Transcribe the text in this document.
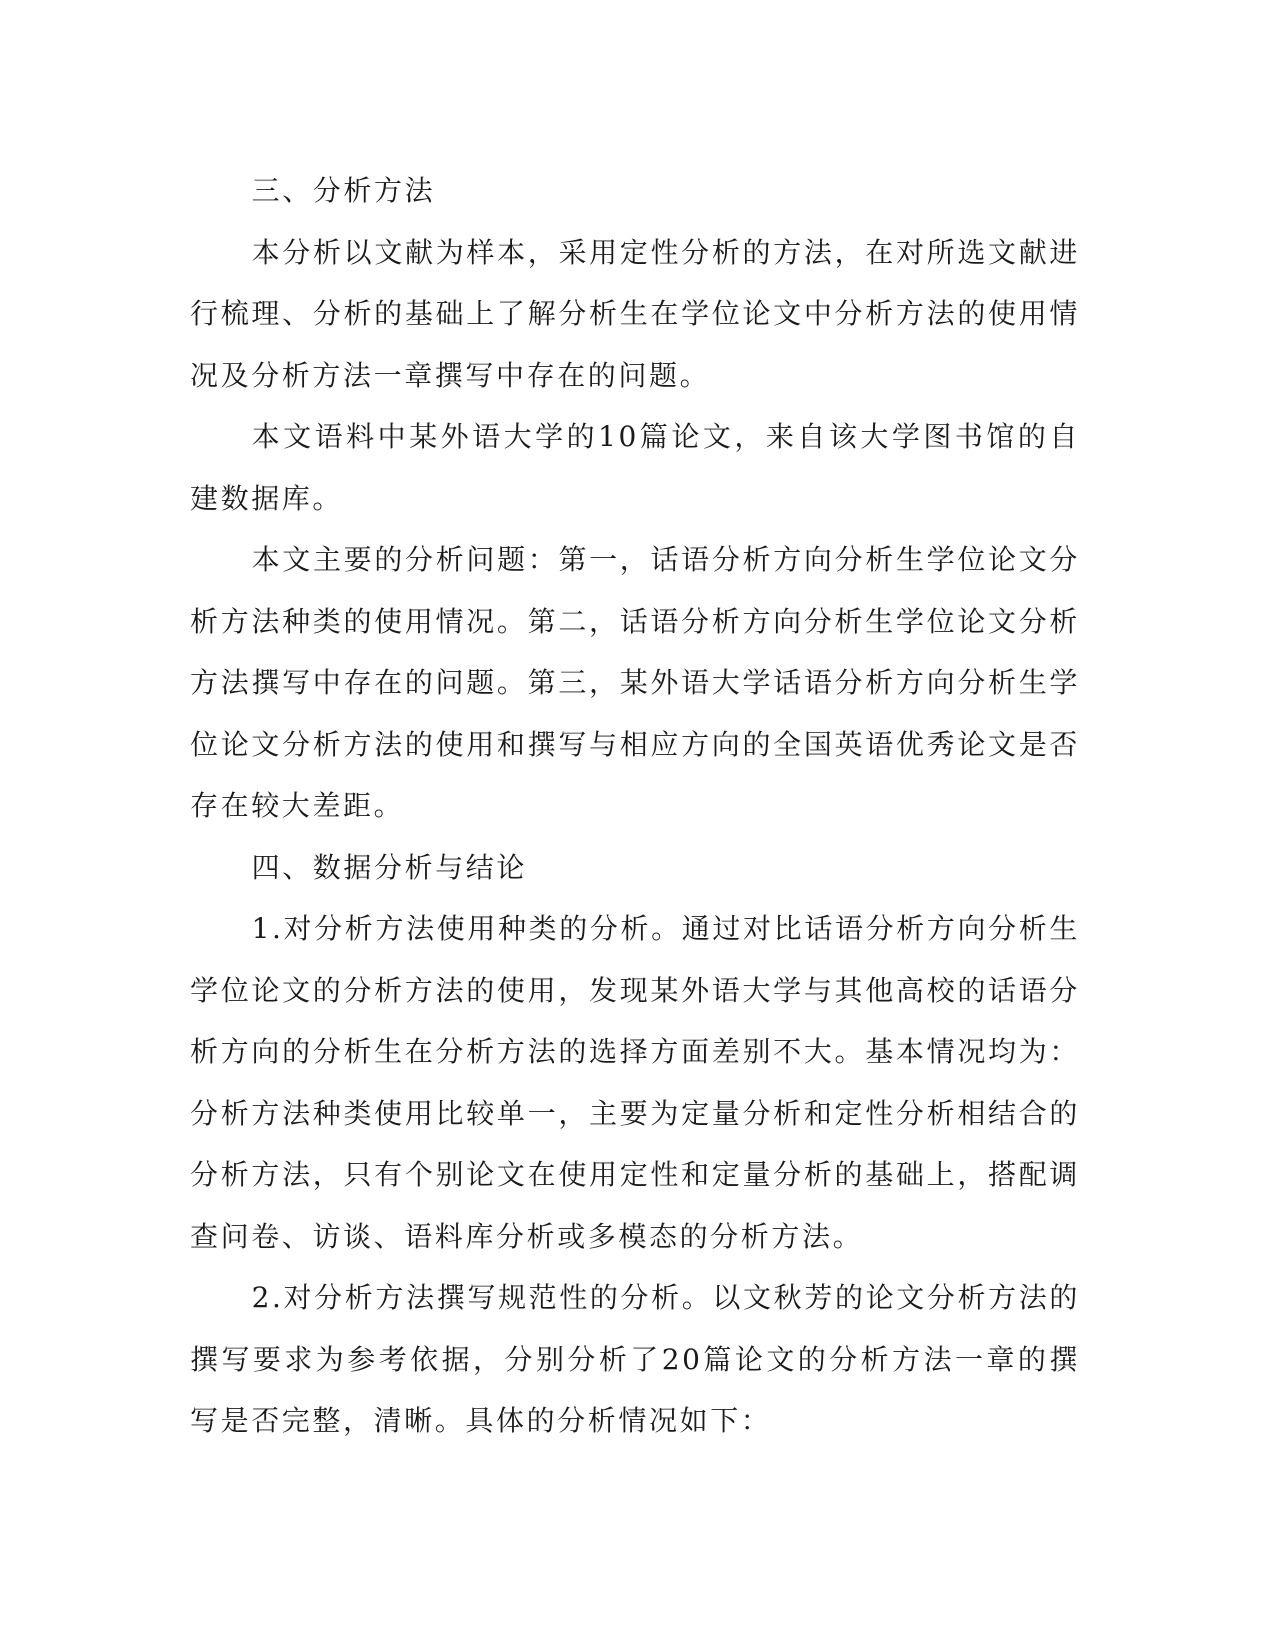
三、分析方法

本分析以文献为样本，采用定性分析的方法，在对所选文献进行梳理、分析的基础上了解分析生在学位论文中分析方法的使用情况及分析方法一章撰写中存在的问题。

本文语料中某外语大学的10篇论文，来自该大学图书馆的自建数据库。

本文主要的分析问题：第一，话语分析方向分析生学位论文分析方法种类的使用情况。第二，话语分析方向分析生学位论文分析方法撰写中存在的问题。第三，某外语大学话语分析方向分析生学位论文分析方法的使用和撰写与相应方向的全国英语优秀论文是否存在较大差距。

四、数据分析与结论

1.对分析方法使用种类的分析。通过对比话语分析方向分析生学位论文的分析方法的使用，发现某外语大学与其他高校的话语分析方向的分析生在分析方法的选择方面差别不大。基本情况均为：分析方法种类使用比较单一，主要为定量分析和定性分析相结合的分析方法，只有个别论文在使用定性和定量分析的基础上，搭配调查问卷、访谈、语料库分析或多模态的分析方法。

2.对分析方法撰写规范性的分析。以文秋芳的论文分析方法的撰写要求为参考依据，分别分析了20篇论文的分析方法一章的撰写是否完整，清晰。具体的分析情况如下：
